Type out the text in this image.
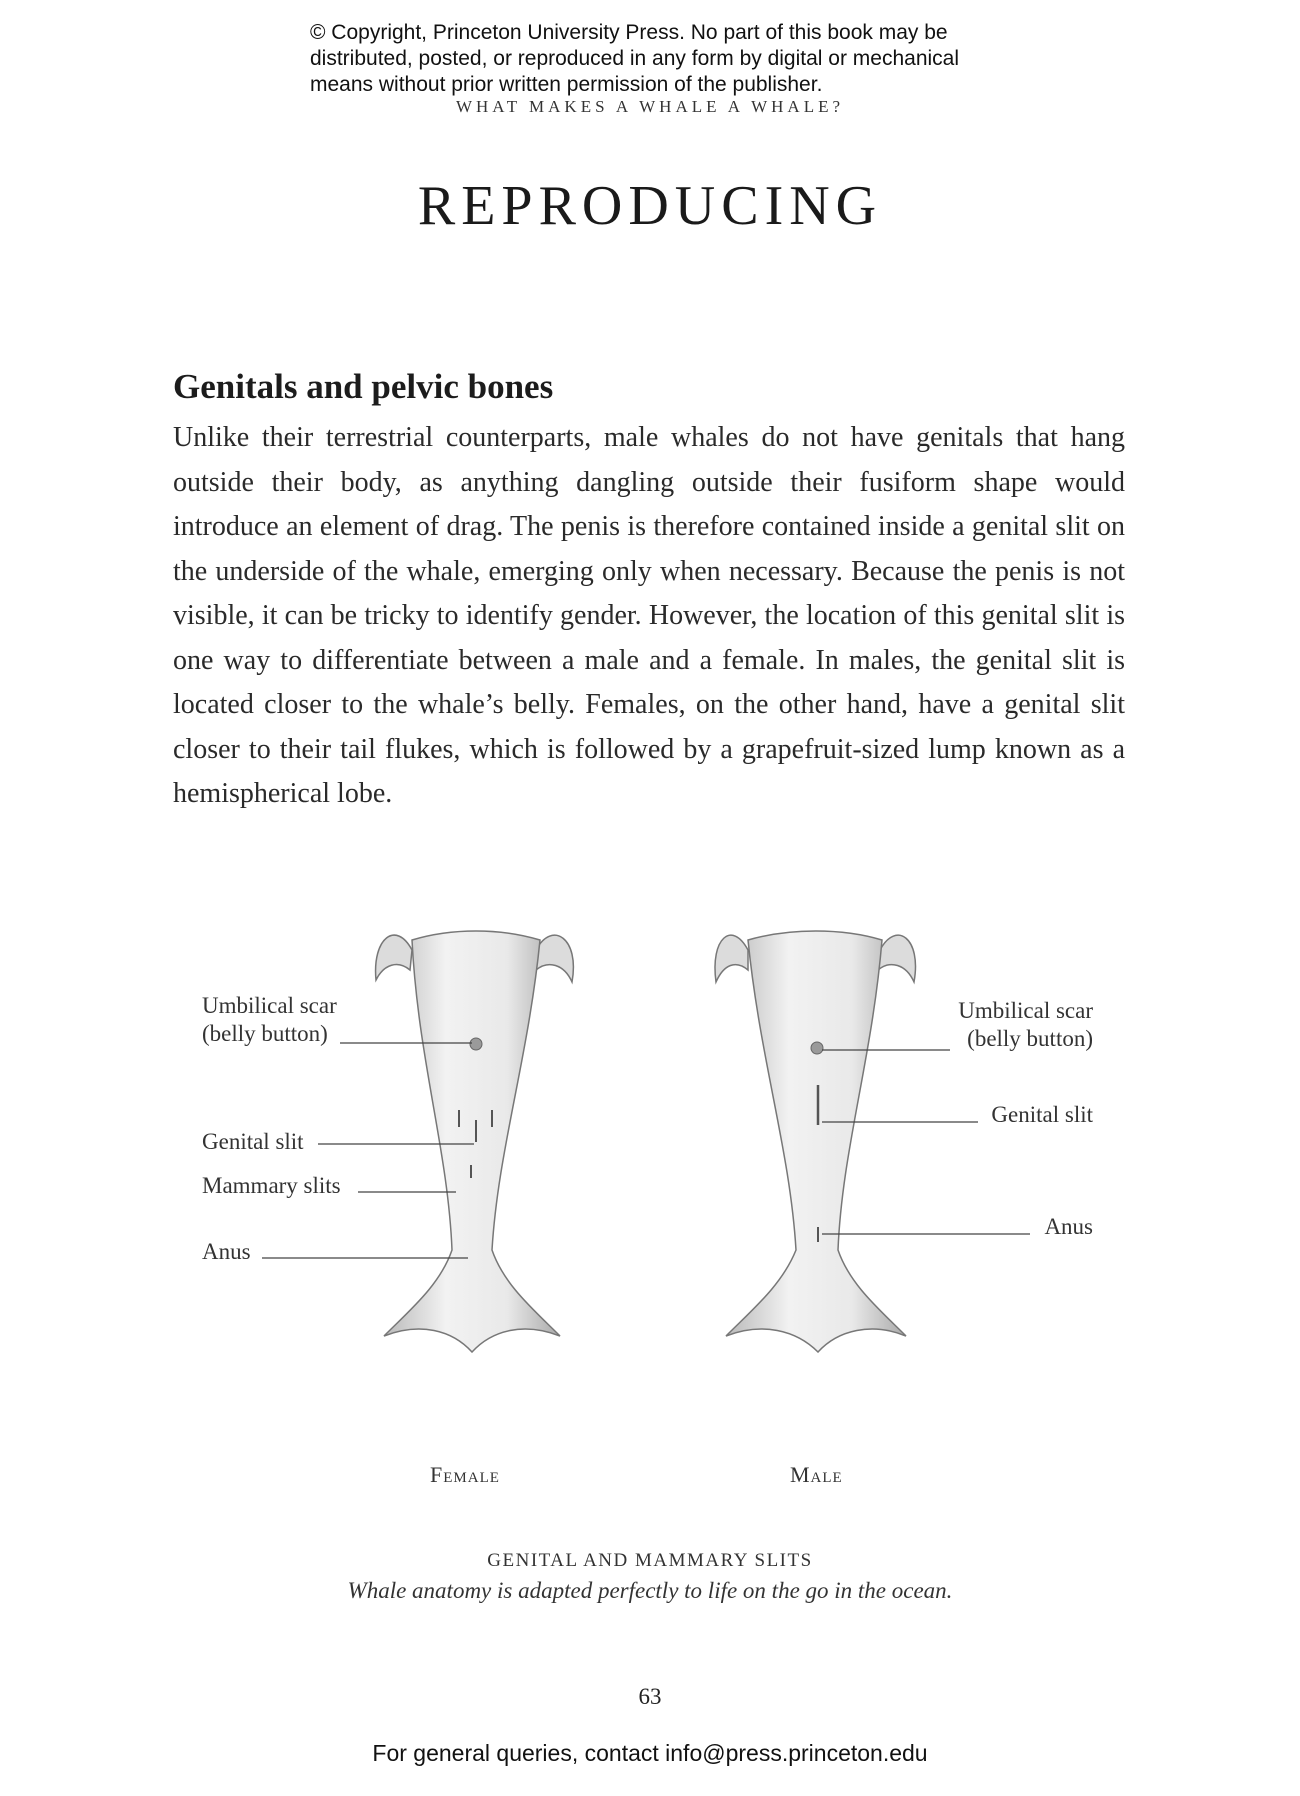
© Copyright, Princeton University Press. No part of this book may be
distributed, posted, or reproduced in any form by digital or mechanical
means without prior written permission of the publisher.
WHAT MAKES A WHALE A WHALE?
REPRODUCING
Genitals and pelvic bones

Unlike their terrestrial counterparts, male whales do not have genitals that hang outside their body, as anything dangling outside their fusiform shape would introduce an element of drag. The penis is therefore contained inside a genital slit on the underside of the whale, emerging only when necessary. Because the penis is not visible, it can be tricky to identify gender. However, the location of this genital slit is one way to differentiate between a male and a female. In males, the genital slit is located closer to the whale’s belly. Females, on the other hand, have a genital slit closer to their tail flukes, which is followed by a grapefruit-sized lump known as a hemispherical lobe.

Umbilical scar
(belly button)
Genital slit
Mammary slits
Anus
Umbilical scar
(belly button)
Genital slit
Anus
Female	Male
GENITAL AND MAMMARY SLITS
Whale anatomy is adapted perfectly to life on the go in the ocean.
63
For general queries, contact info@press.princeton.edu
